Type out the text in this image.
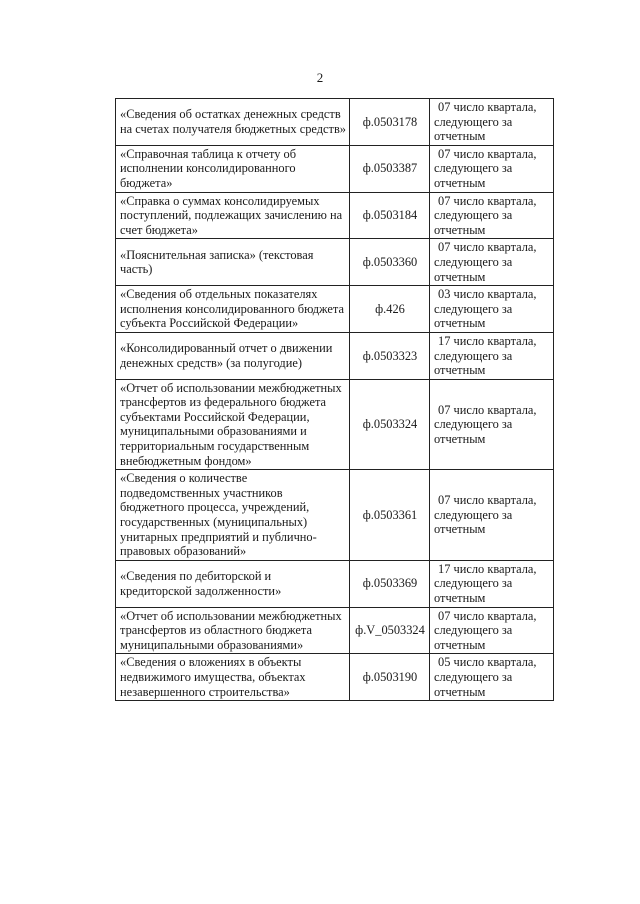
2
«Сведения об остатках денежных средств на счетах получателя бюджетных средств»	ф.0503178	07 число квартала,
следующего за
отчетным

«Справочная таблица к отчету об исполнении консолидированного бюджета»	ф.0503387	07 число квартала,
следующего за
отчетным

«Справка о суммах консолидируемых поступлений, подлежащих зачислению на счет бюджета»	ф.0503184	07 число квартала,
следующего за
отчетным

«Пояснительная записка» (текстовая часть)	ф.0503360	07 число квартала,
следующего за
отчетным

«Сведения об отдельных показателях исполнения консолидированного бюджета субъекта Российской Федерации»	ф.426	03 число квартала,
следующего за
отчетным

«Консолидированный отчет о движении денежных средств» (за полугодие)	ф.0503323	17 число квартала,
следующего за
отчетным

«Отчет об использовании межбюджетных трансфертов из федерального бюджета субъектами Российской Федерации, муниципальными образованиями и территориальным государственным внебюджетным фондом»	ф.0503324	07 число квартала,
следующего за
отчетным

«Сведения о количестве подведомственных участников бюджетного процесса, учреждений, государственных (муниципальных) унитарных предприятий и публично-правовых образований»	ф.0503361	07 число квартала,
следующего за
отчетным

«Сведения по дебиторской и кредиторской задолженности»	ф.0503369	17 число квартала,
следующего за
отчетным

«Отчет об использовании межбюджетных трансфертов из областного бюджета муниципальными образованиями»	ф.V_0503324	07 число квартала,
следующего за
отчетным

«Сведения о вложениях в объекты недвижимого имущества, объектах незавершенного строительства»	ф.0503190	05 число квартала,
следующего за
отчетным
